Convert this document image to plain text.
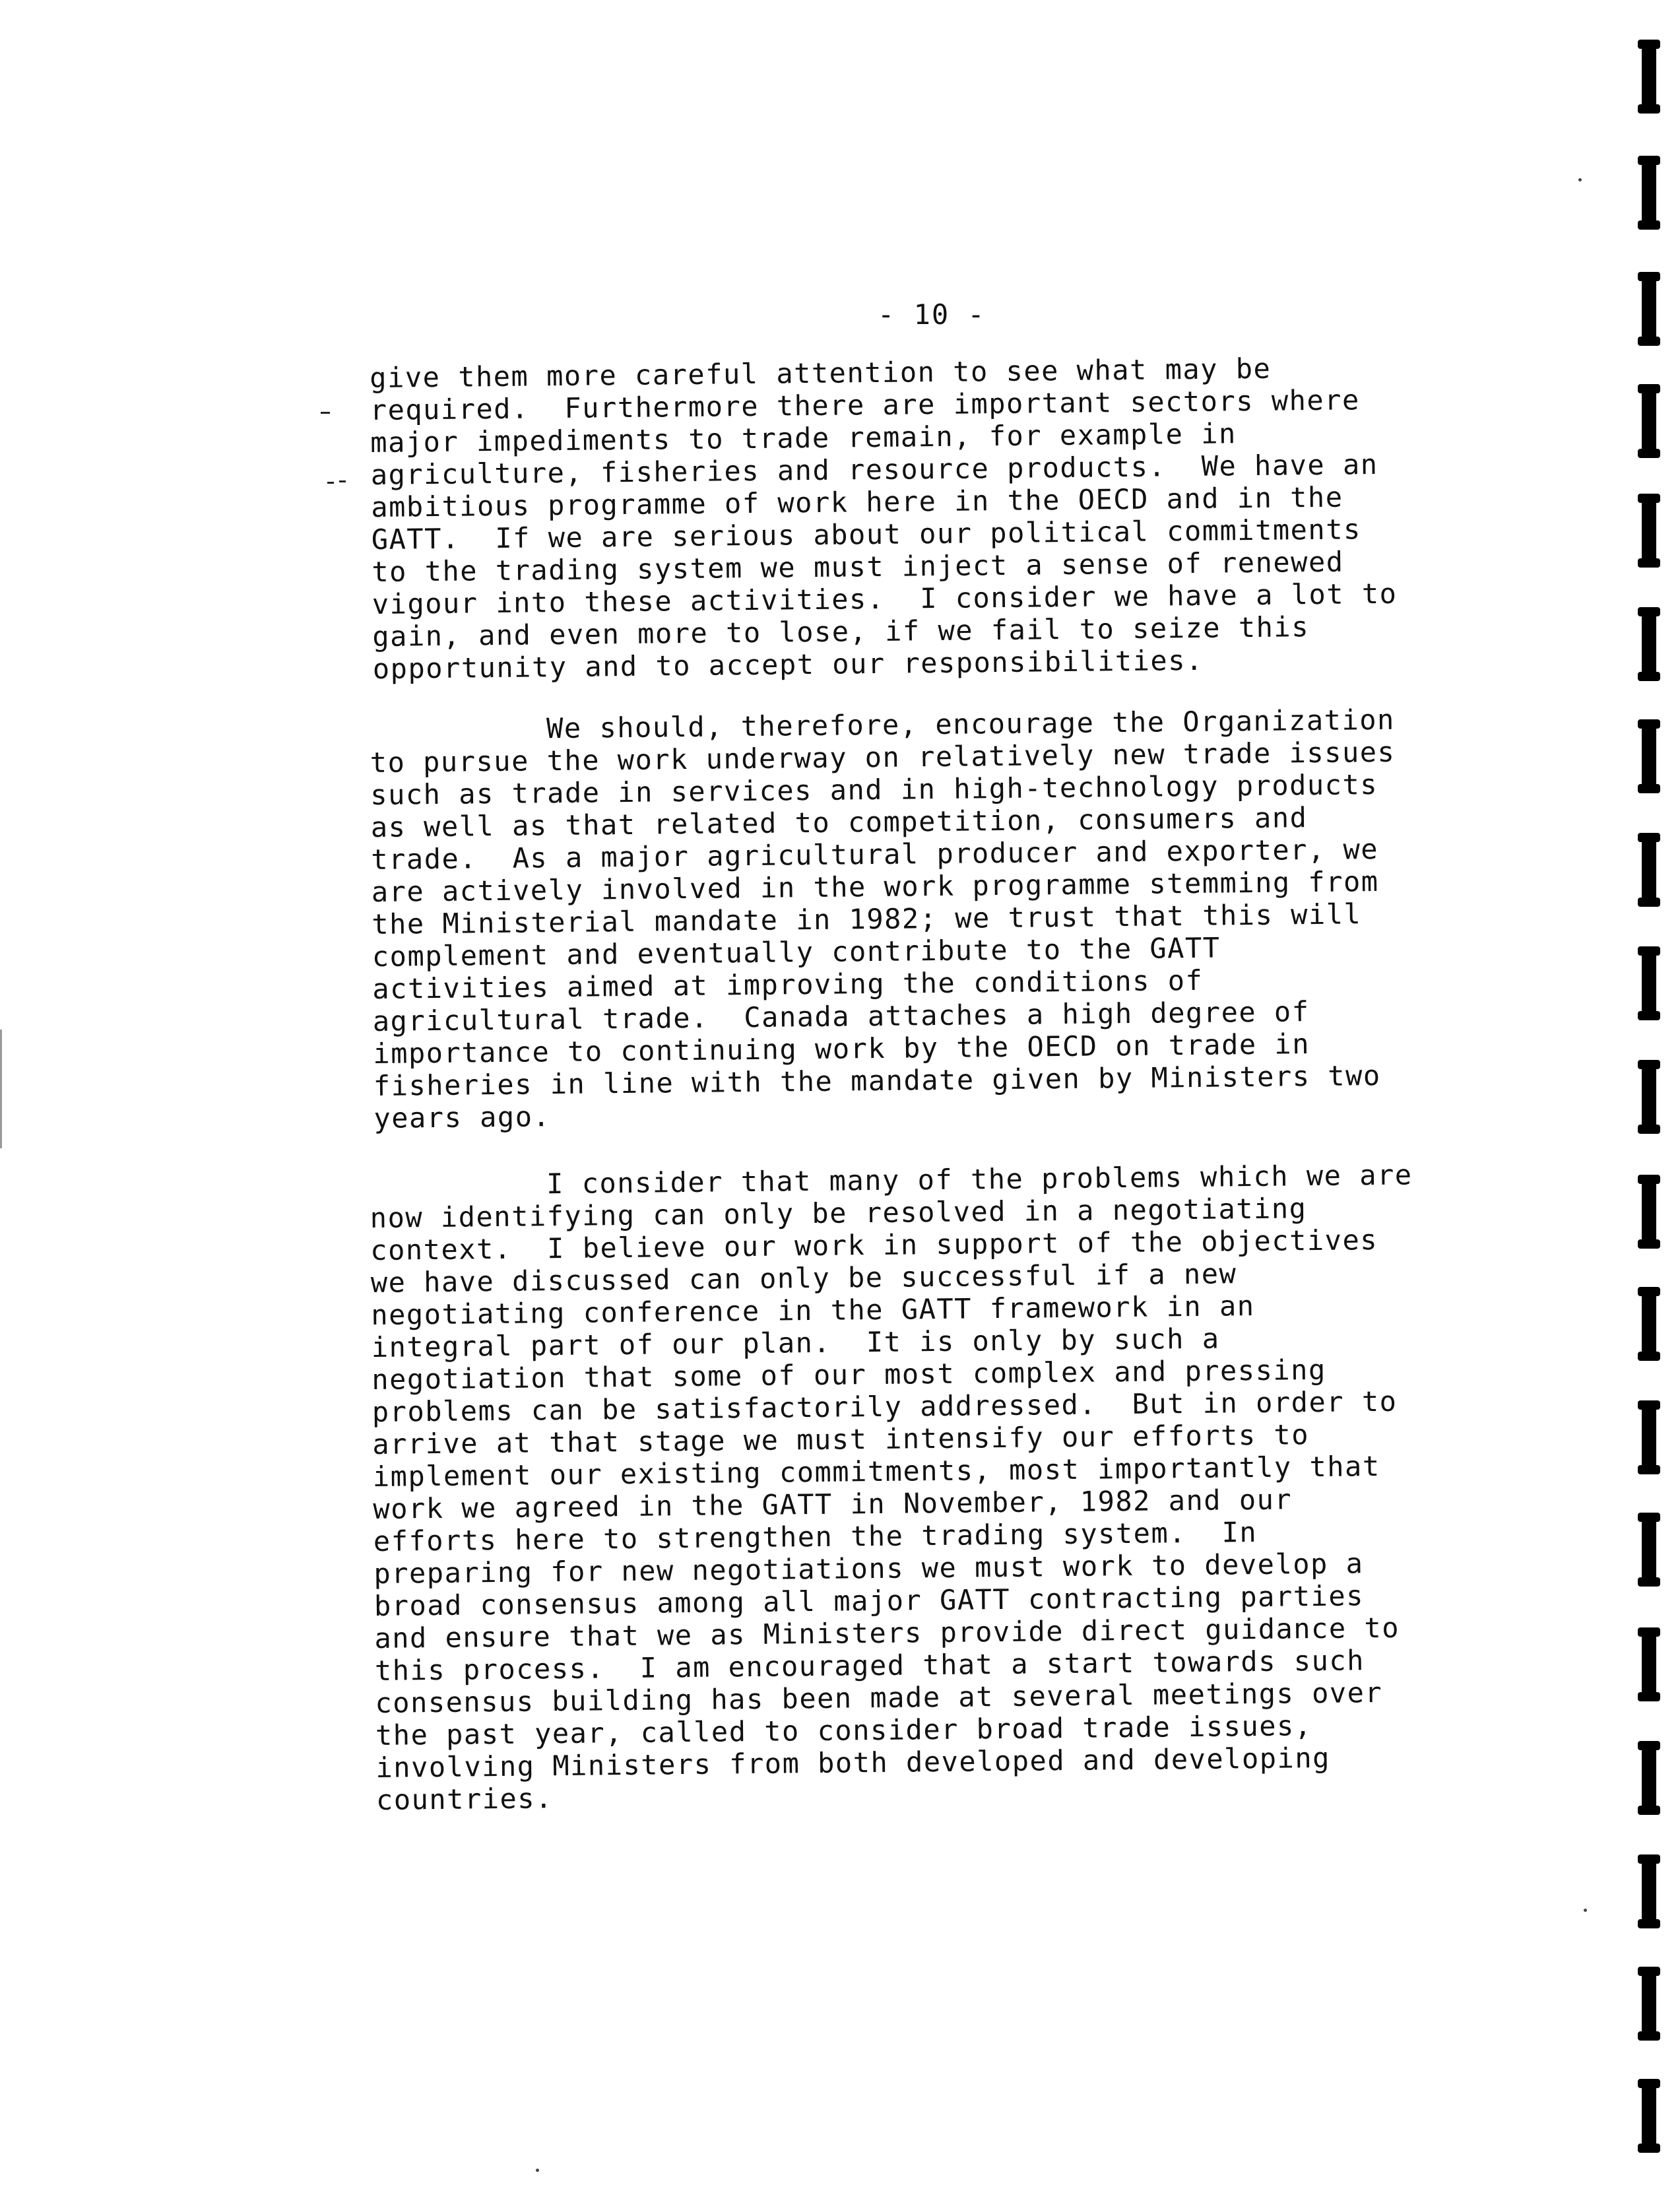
- 10 -
give them more careful attention to see what may be
required.  Furthermore there are important sectors where
major impediments to trade remain, for example in
agriculture, fisheries and resource products.  We have an
ambitious programme of work here in the OECD and in the
GATT.  If we are serious about our political commitments
to the trading system we must inject a sense of renewed
vigour into these activities.  I consider we have a lot to
gain, and even more to lose, if we fail to seize this
opportunity and to accept our responsibilities.
We should, therefore, encourage the Organization
to pursue the work underway on relatively new trade issues
such as trade in services and in high-technology products
as well as that related to competition, consumers and
trade.  As a major agricultural producer and exporter, we
are actively involved in the work programme stemming from
the Ministerial mandate in 1982; we trust that this will
complement and eventually contribute to the GATT
activities aimed at improving the conditions of
agricultural trade.  Canada attaches a high degree of
importance to continuing work by the OECD on trade in
fisheries in line with the mandate given by Ministers two
years ago.
I consider that many of the problems which we are
now identifying can only be resolved in a negotiating
context.  I believe our work in support of the objectives
we have discussed can only be successful if a new
negotiating conference in the GATT framework in an
integral part of our plan.  It is only by such a
negotiation that some of our most complex and pressing
problems can be satisfactorily addressed.  But in order to
arrive at that stage we must intensify our efforts to
implement our existing commitments, most importantly that
work we agreed in the GATT in November, 1982 and our
efforts here to strengthen the trading system.  In
preparing for new negotiations we must work to develop a
broad consensus among all major GATT contracting parties
and ensure that we as Ministers provide direct guidance to
this process.  I am encouraged that a start towards such
consensus building has been made at several meetings over
the past year, called to consider broad trade issues,
involving Ministers from both developed and developing
countries.
